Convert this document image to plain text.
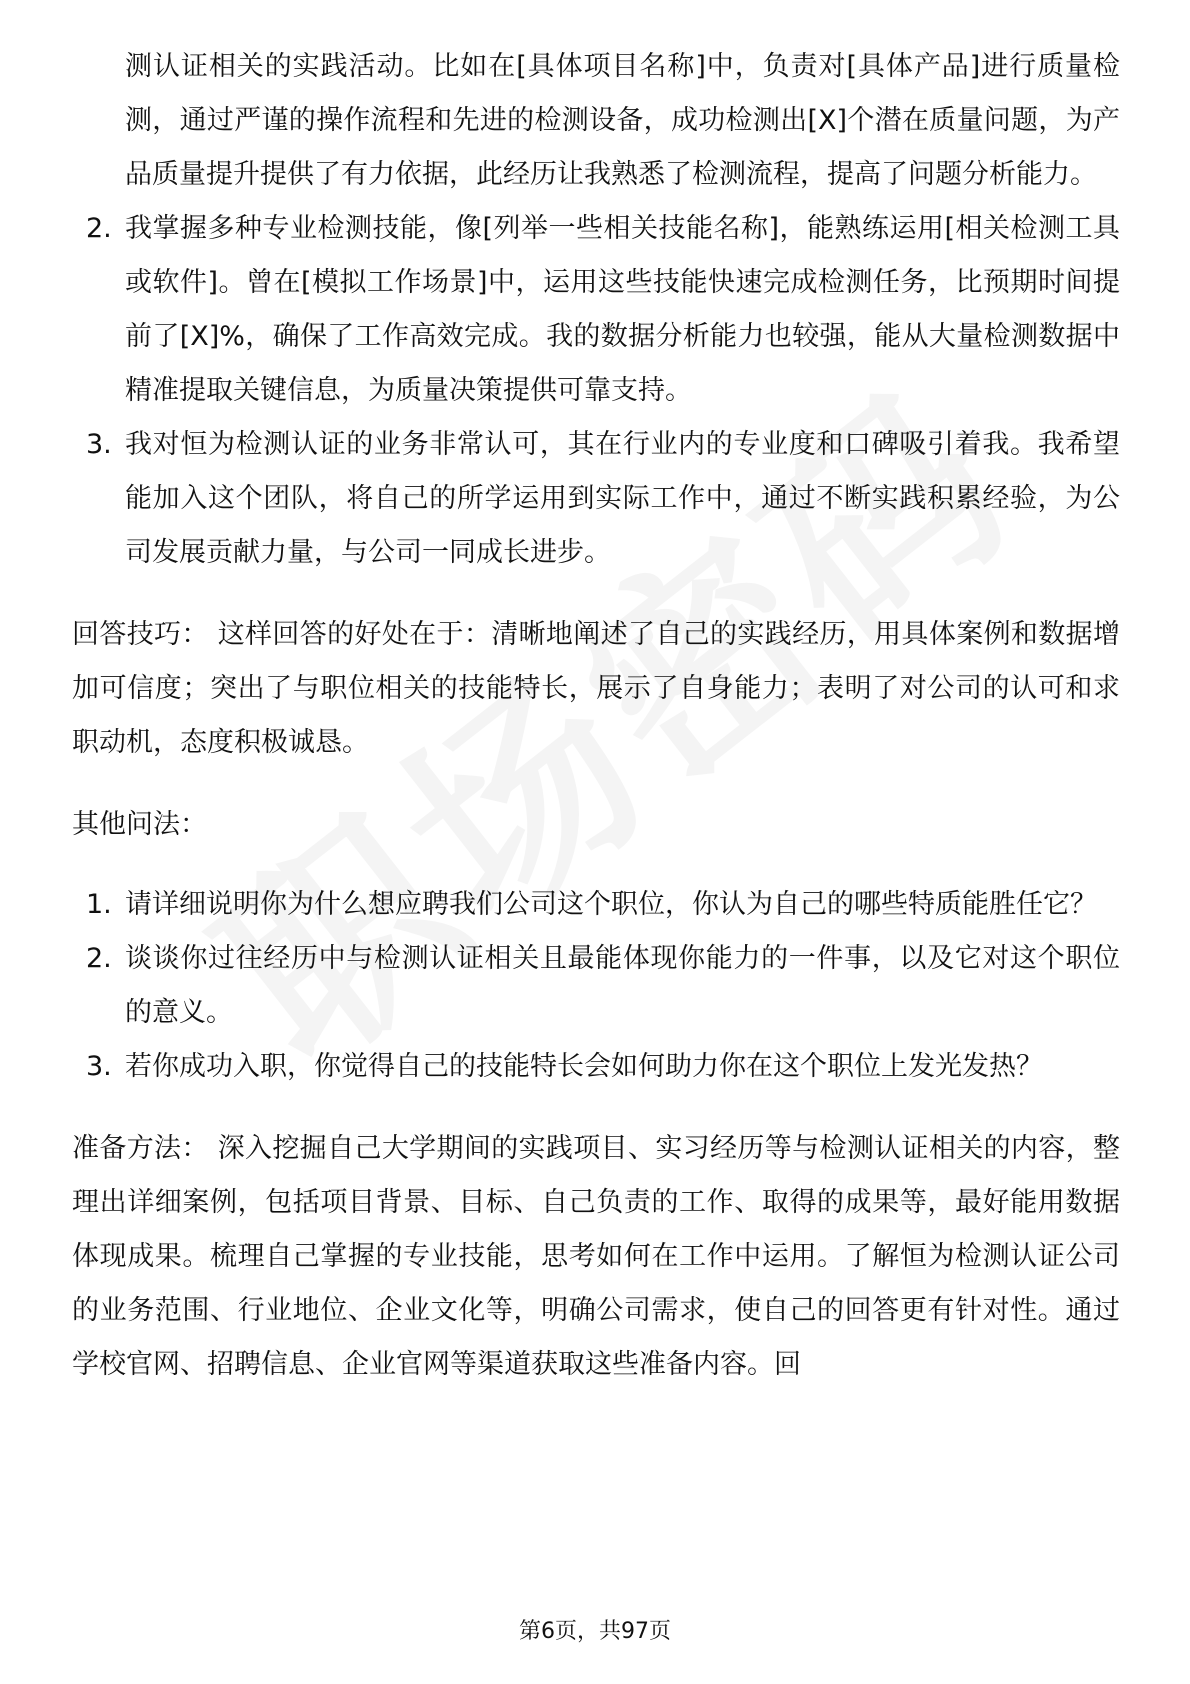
测认证相关的实践活动。比如在[具体项目名称]中，负责对[具体产品]进行质量检测，通过严谨的操作流程和先进的检测设备，成功检测出[X]个潜在质量问题，为产品质量提升提供了有力依据，此经历让我熟悉了检测流程，提高了问题分析能力。
2. 我掌握多种专业检测技能，像[列举一些相关技能名称]，能熟练运用[相关检测工具或软件]。曾在[模拟工作场景]中，运用这些技能快速完成检测任务，比预期时间提前了[X]%，确保了工作高效完成。我的数据分析能力也较强，能从大量检测数据中精准提取关键信息，为质量决策提供可靠支持。
3. 我对恒为检测认证的业务非常认可，其在行业内的专业度和口碑吸引着我。我希望能加入这个团队，将自己的所学运用到实际工作中，通过不断实践积累经验，为公司发展贡献力量，与公司一同成长进步。
回答技巧： 这样回答的好处在于：清晰地阐述了自己的实践经历，用具体案例和数据增加可信度；突出了与职位相关的技能特长，展示了自身能力；表明了对公司的认可和求职动机，态度积极诚恳。
其他问法：
1. 请详细说明你为什么想应聘我们公司这个职位，你认为自己的哪些特质能胜任它？
2. 谈谈你过往经历中与检测认证相关且最能体现你能力的一件事，以及它对这个职位的意义。
3. 若你成功入职，你觉得自己的技能特长会如何助力你在这个职位上发光发热？
准备方法： 深入挖掘自己大学期间的实践项目、实习经历等与检测认证相关的内容，整理出详细案例，包括项目背景、目标、自己负责的工作、取得的成果等，最好能用数据体现成果。梳理自己掌握的专业技能，思考如何在工作中运用。了解恒为检测认证公司的业务范围、行业地位、企业文化等，明确公司需求，使自己的回答更有针对性。通过学校官网、招聘信息、企业官网等渠道获取这些准备内容。回
第6页，共97页
